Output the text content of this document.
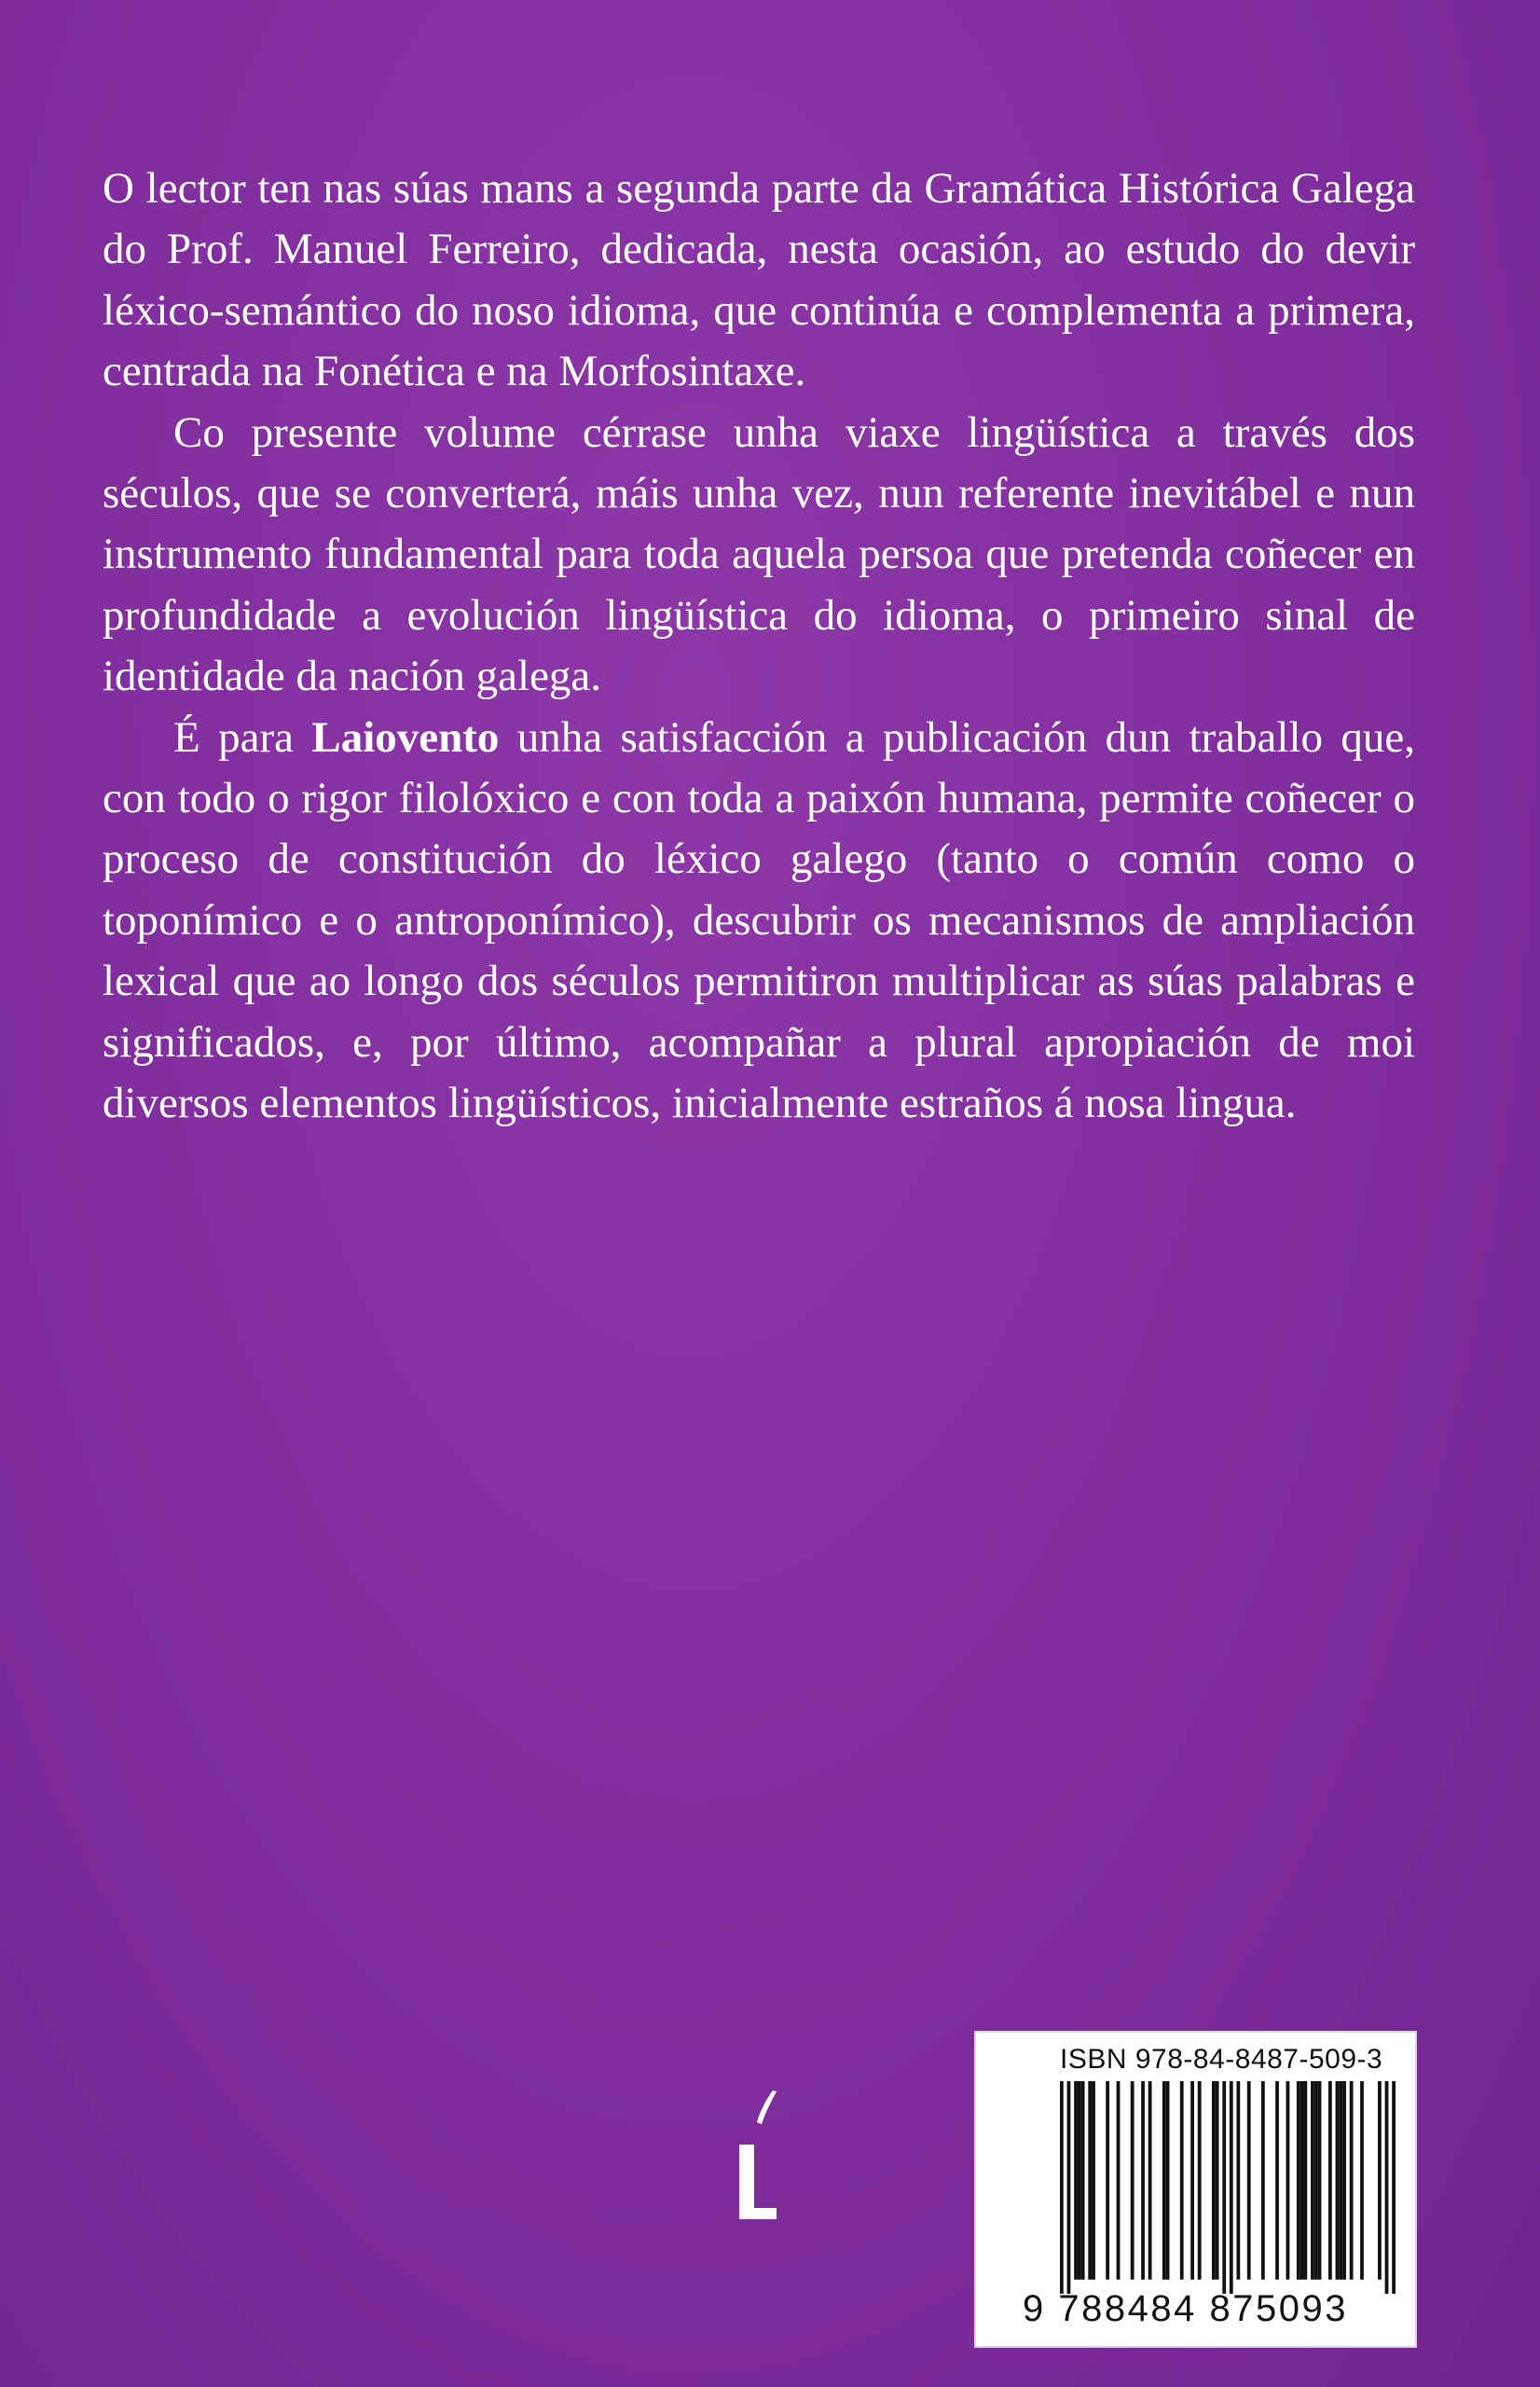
O lector ten nas súas mans a segunda parte da Gramática Histórica Galega do Prof. Manuel Ferreiro, dedicada, nesta ocasión, ao estudo do devir léxico-semántico do noso idioma, que continúa e complementa a primera, centrada na Fonética e na Morfosintaxe.

Co presente volume cérrase unha viaxe lingüística a través dos séculos, que se converterá, máis unha vez, nun referente inevitábel e nun instrumento fundamental para toda aquela persoa que pretenda coñecer en profundidade a evolución lingüística do idioma, o primeiro sinal de identidade da nación galega.

É para Laiovento unha satisfacción a publicación dun traballo que, con todo o rigor filolóxico e con toda a paixón humana, permite coñecer o proceso de constitución do léxico galego (tanto o común como o toponímico e o antroponímico), descubrir os mecanismos de ampliación lexical que ao longo dos séculos permitiron multiplicar as súas palabras e significados, e, por último, acompañar a plural apropiación de moi diversos elementos lingüísticos, inicialmente estraños á nosa lingua.

ISBN 978-84-8487-509-3
9 788484 875093
